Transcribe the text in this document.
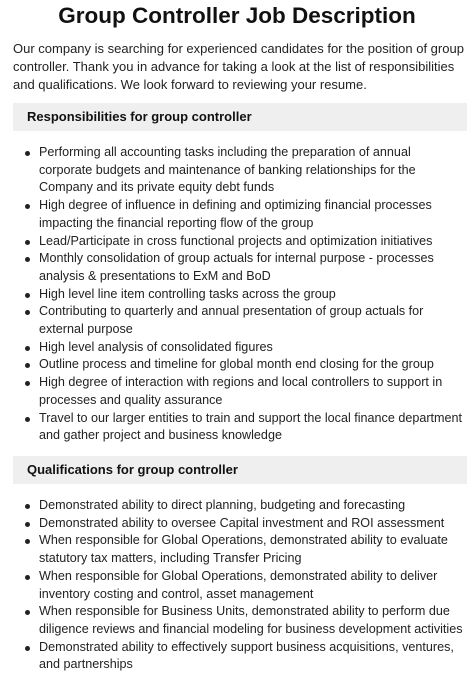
Group Controller Job Description

Our company is searching for experienced candidates for the position of group controller. Thank you in advance for taking a look at the list of responsibilities and qualifications. We look forward to reviewing your resume.

Responsibilities for group controller
Performing all accounting tasks including the preparation of annual corporate budgets and maintenance of banking relationships for the Company and its private equity debt funds
High degree of influence in defining and optimizing financial processes impacting the financial reporting flow of the group
Lead/Participate in cross functional projects and optimization initiatives
Monthly consolidation of group actuals for internal purpose - processes analysis & presentations to ExM and BoD
High level line item controlling tasks across the group
Contributing to quarterly and annual presentation of group actuals for external purpose
High level analysis of consolidated figures
Outline process and timeline for global month end closing for the group
High degree of interaction with regions and local controllers to support in processes and quality assurance
Travel to our larger entities to train and support the local finance department and gather project and business knowledge
Qualifications for group controller
Demonstrated ability to direct planning, budgeting and forecasting
Demonstrated ability to oversee Capital investment and ROI assessment
When responsible for Global Operations, demonstrated ability to evaluate statutory tax matters, including Transfer Pricing
When responsible for Global Operations, demonstrated ability to deliver inventory costing and control, asset management
When responsible for Business Units, demonstrated ability to perform due diligence reviews and financial modeling for business development activities
Demonstrated ability to effectively support business acquisitions, ventures, and partnerships
